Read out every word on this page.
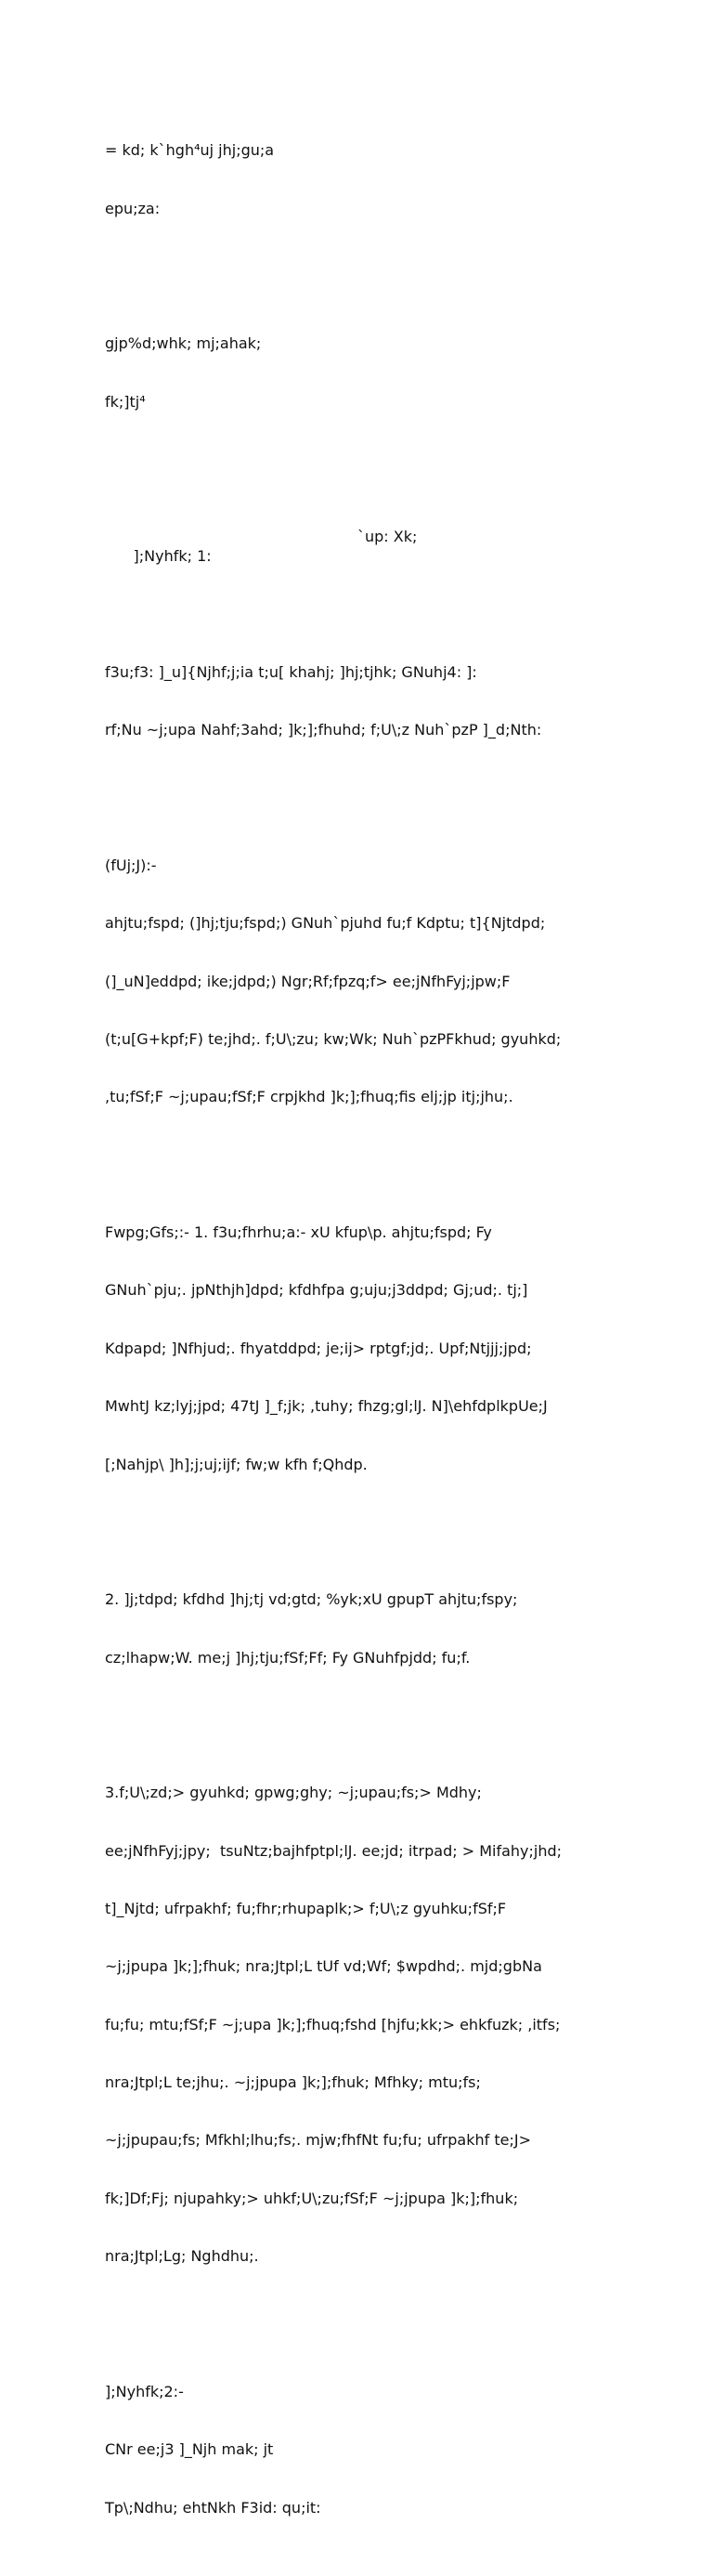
= kd; k`hgh⁴uj jhj;gu;a

epu;za:

gjp%d;whk; mj;ahak;

fk;]tj⁴

];Nyhfk; 1:

`up: Xk;

f3u;f3: ]_u]{Njhf;j;ia t;u[ khahj; ]hj;tjhk; GNuhj4: ]:

rf;Nu ~j;upa Nahf;3ahd; ]k;];fhuhd; f;U\;z Nuh`pzP ]_d;Nth:

(fUj;J):-

ahjtu;fspd; (]hj;tju;fspd;) GNuh`pjuhd fu;f Kdptu; t]{Njtdpd;

(]_uN]eddpd; ike;jdpd;) Ngr;Rf;fpzq;f> ee;jNfhFyj;jpw;F

(t;u[G+kpf;F) te;jhd;. f;U\;zu; kw;Wk; Nuh`pzPFkhud; gyuhkd;

,tu;fSf;F ~j;upau;fSf;F crpjkhd ]k;];fhuq;fis elj;jp itj;jhu;.

Fwpg;Gfs;:- 1. f3u;fhrhu;a:- xU kfup\p. ahjtu;fspd; Fy

GNuh`pju;. jpNthjh]dpd; kfdhfpa g;uju;j3ddpd; Gj;ud;. tj;]

Kdpapd; ]Nfhjud;. fhyatddpd; je;ij> rptgf;jd;. Upf;Ntjjj;jpd;

MwhtJ kz;lyj;jpd; 47tJ ]_f;jk; ,tuhy; fhzg;gl;lJ. N]\ehfdplkpUe;J

[;Nahjp\ ]h];j;uj;ijf; fw;w kfh f;Qhdp.

2. ]j;tdpd; kfdhd ]hj;tj vd;gtd; %yk;xU gpupT ahjtu;fspy;

cz;lhapw;W. me;j ]hj;tju;fSf;Ff; Fy GNuhfpjdd; fu;f.

3.f;U\;zd;> gyuhkd; gpwg;ghy; ~j;upau;fs;> Mdhy;

ee;jNfhFyj;jpy;  tsuNtz;bajhfptpl;lJ. ee;jd; itrpad; > Mifahy;jhd;

t]_Njtd; ufrpakhf; fu;fhr;rhupaplk;> f;U\;z gyuhku;fSf;F

~j;jpupa ]k;];fhuk; nra;Jtpl;L tUf vd;Wf; $wpdhd;. mjd;gbNa

fu;fu; mtu;fSf;F ~j;upa ]k;];fhuq;fshd [hjfu;kk;> ehkfuzk; ,itfs;

nra;Jtpl;L te;jhu;. ~j;jpupa ]k;];fhuk; Mfhky; mtu;fs;

~j;jpupau;fs; Mfkhl;lhu;fs;. mjw;fhfNt fu;fu; ufrpakhf te;J>

fk;]Df;Fj; njupahky;> uhkf;U\;zu;fSf;F ~j;jpupa ]k;];fhuk;

nra;Jtpl;Lg; Nghdhu;.

];Nyhfk;2:-

CNr ee;j3 ]_Njh mak; jt

Tp\;Ndhu; ehtNkh F3id: qu;it:
